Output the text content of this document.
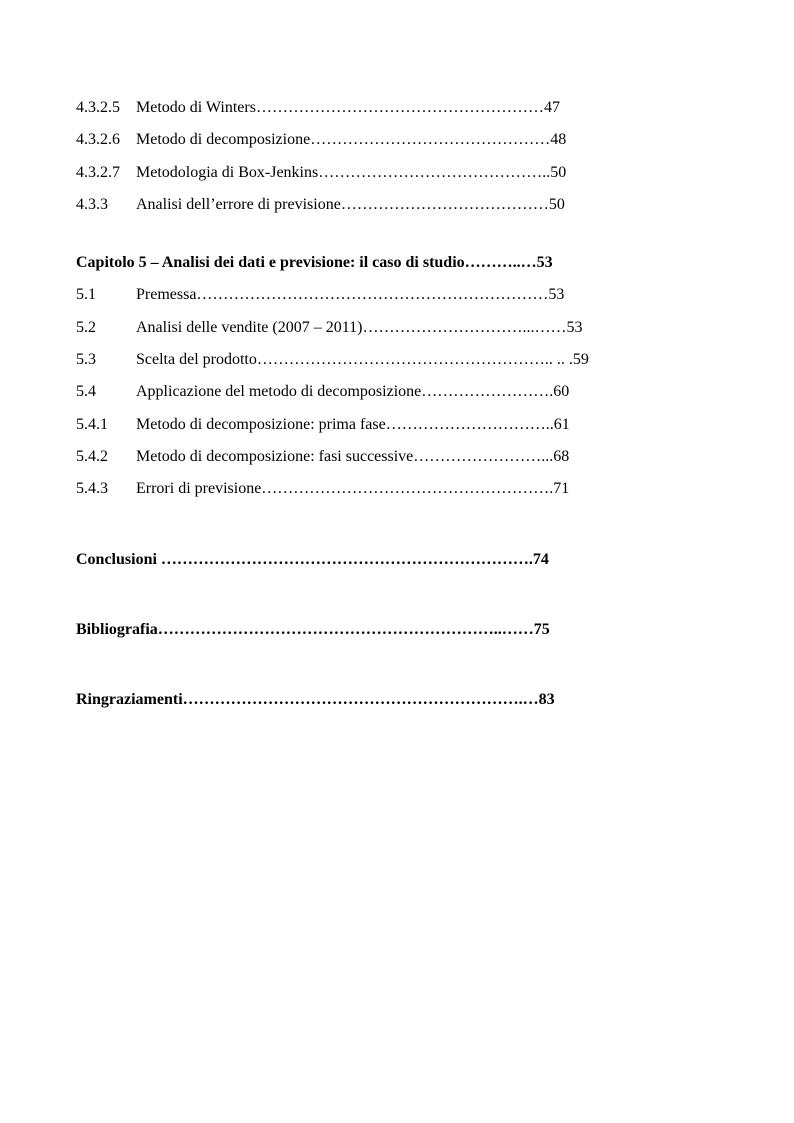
4.3.2.5 Metodo di Winters………………………………………………47
4.3.2.6 Metodo di decomposizione………………………………………48
4.3.2.7 Metodologia di Box-Jenkins……………………………………..50
4.3.3 Analisi dell’errore di previsione…………………………………50
Capitolo 5 – Analisi dei dati e previsione: il caso di studio………..…53
5.1	Premessa…………………………………………………………53
5.2	Analisi delle vendite (2007 – 2011)…………………………...……53
5.3	Scelta del prodotto……………………………………………….. .. .59
5.4	Applicazione del metodo di decomposizione…………………….60
5.4.1 Metodo di decomposizione: prima fase…………………………..61
5.4.2 Metodo di decomposizione: fasi successive……………………...68
5.4.3 Errori di previsione……………………………………………….71
Conclusioni …………………………………………………………….74
Bibliografia………………………………………………………..……75
Ringraziamenti……………………………………………………….…83
